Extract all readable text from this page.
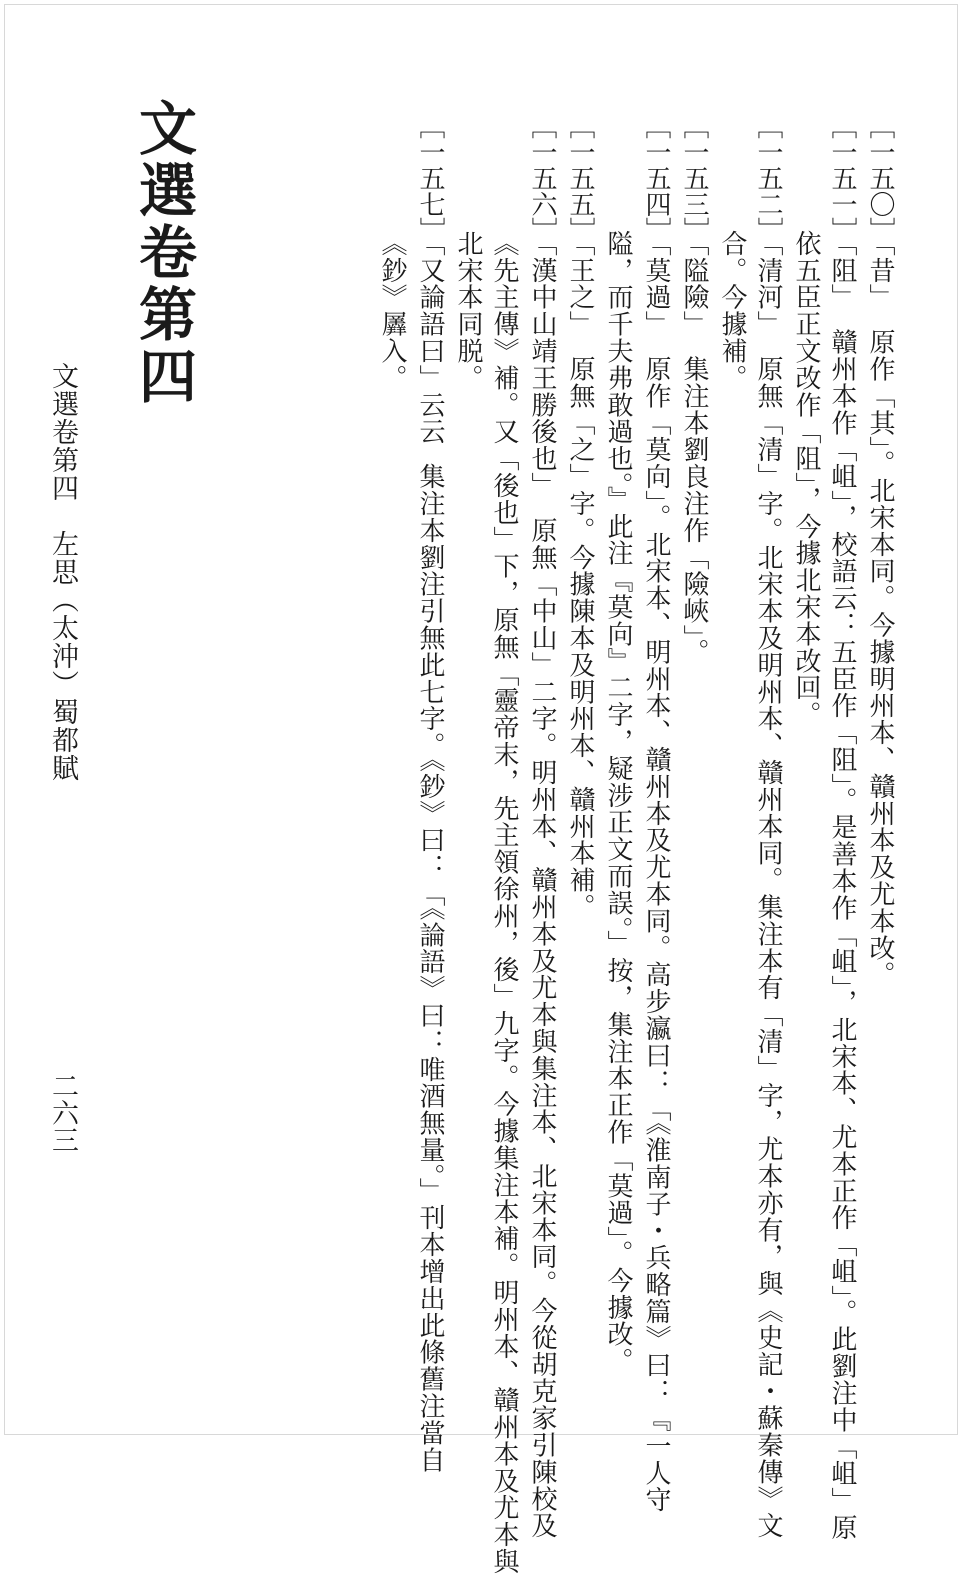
文選卷第四
文選卷第四　左思（太沖）蜀都賦
二六三
［一五〇］「昔」原作「其」。北宋本同。今據明州本、贛州本及尤本改。
［一五一］「阻」贛州本作「岨」，校語云：五臣作「阻」。是善本作「岨」，北宋本、尤本正作「岨」。此劉注中「岨」原
依五臣正文改作「阻」，今據北宋本改回。
［一五二］「清河」原無「清」字。北宋本及明州本、贛州本同。集注本有「清」字，尤本亦有，與《史記・蘇秦傳》文
合。今據補。
［一五三］「隘險」集注本劉良注作「險峽」。
［一五四］「莫過」原作「莫向」。北宋本、明州本、贛州本及尤本同。高步瀛曰：「《淮南子・兵略篇》曰：『一人守
隘，而千夫弗敢過也。』此注『莫向』二字，疑涉正文而誤。」按，集注本正作「莫過」。今據改。
［一五五］「王之」原無「之」字。今據陳本及明州本、贛州本補。
［一五六］「漢中山靖王勝後也」原無「中山」二字。明州本、贛州本及尤本與集注本、北宋本同。今從胡克家引陳校及
《先主傳》補。又「後也」下，原無「靈帝末，先主領徐州，後」九字。今據集注本補。明州本、贛州本及尤本與
北宋本同脱。
［一五七］「又論語曰」云云集注本劉注引無此七字。《鈔》曰：「《論語》曰：唯酒無量。」刊本增出此條舊注當自
《鈔》羼入。
